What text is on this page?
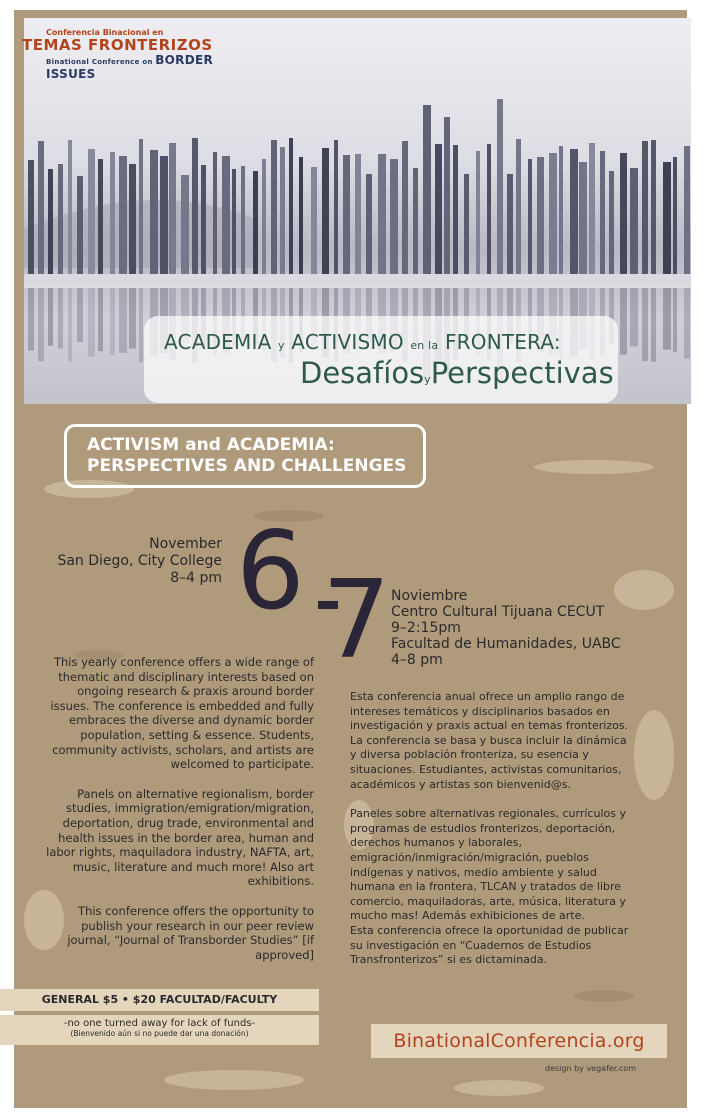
Conferencia Binacional en
TEMAS FRONTERIZOS
Binational Conference on BORDER ISSUES
ACADEMIA y ACTIVISMO en la FRONTERA:
DesafíosyPerspectivas
ACTIVISM and ACADEMIA:
PERSPECTIVES AND CHALLENGES
November
San Diego, City College
8–4 pm 6 7 Noviembre
Centro Cultural Tijuana CECUT
9–2:15pm
Facultad de Humanidades, UABC
4–8 pm

This yearly conference offers a wide range of thematic and disciplinary interests based on ongoing research & praxis around border issues. The conference is embedded and fully embraces the diverse and dynamic border population, setting & essence. Students, community activists, scholars, and artists are welcomed to participate.

Panels on alternative regionalism, border studies, immigration/emigration/migration, deportation, drug trade, environmental and health issues in the border area, human and labor rights, maquiladora industry, NAFTA, art, music, literature and much more! Also art exhibitions.

This conference offers the opportunity to publish your research in our peer review journal, “Journal of Transborder Studies” [if approved]

Esta conferencia anual ofrece un amplio rango de intereses temáticos y disciplinarios basados en investigación y praxis actual en temas fronterizos. La conferencia se basa y busca incluir la dinámica y diversa población fronteriza, su esencia y situaciones. Estudiantes, activistas comunitarios, académicos y artistas son bienvenid@s.

Paneles sobre alternativas regionales, currículos y programas de estudios fronterizos, deportación, derechos humanos y laborales, emigración/inmigración/migración, pueblos indígenas y nativos, medio ambiente y salud humana en la frontera, TLCAN y tratados de libre comercio, maquiladoras, arte, música, literatura y mucho mas! Además exhibiciones de arte.

Esta conferencia ofrece la oportunidad de publicar su investigación en “Cuadernos de Estudios Transfronterizos” si es dictaminada.

GENERAL $5 • $20 FACULTAD/FACULTY
-no one turned away for lack of funds-
(Bienvenido aún si no puede dar una donación)	BinationalConferencia.org
design by vegafer.com
